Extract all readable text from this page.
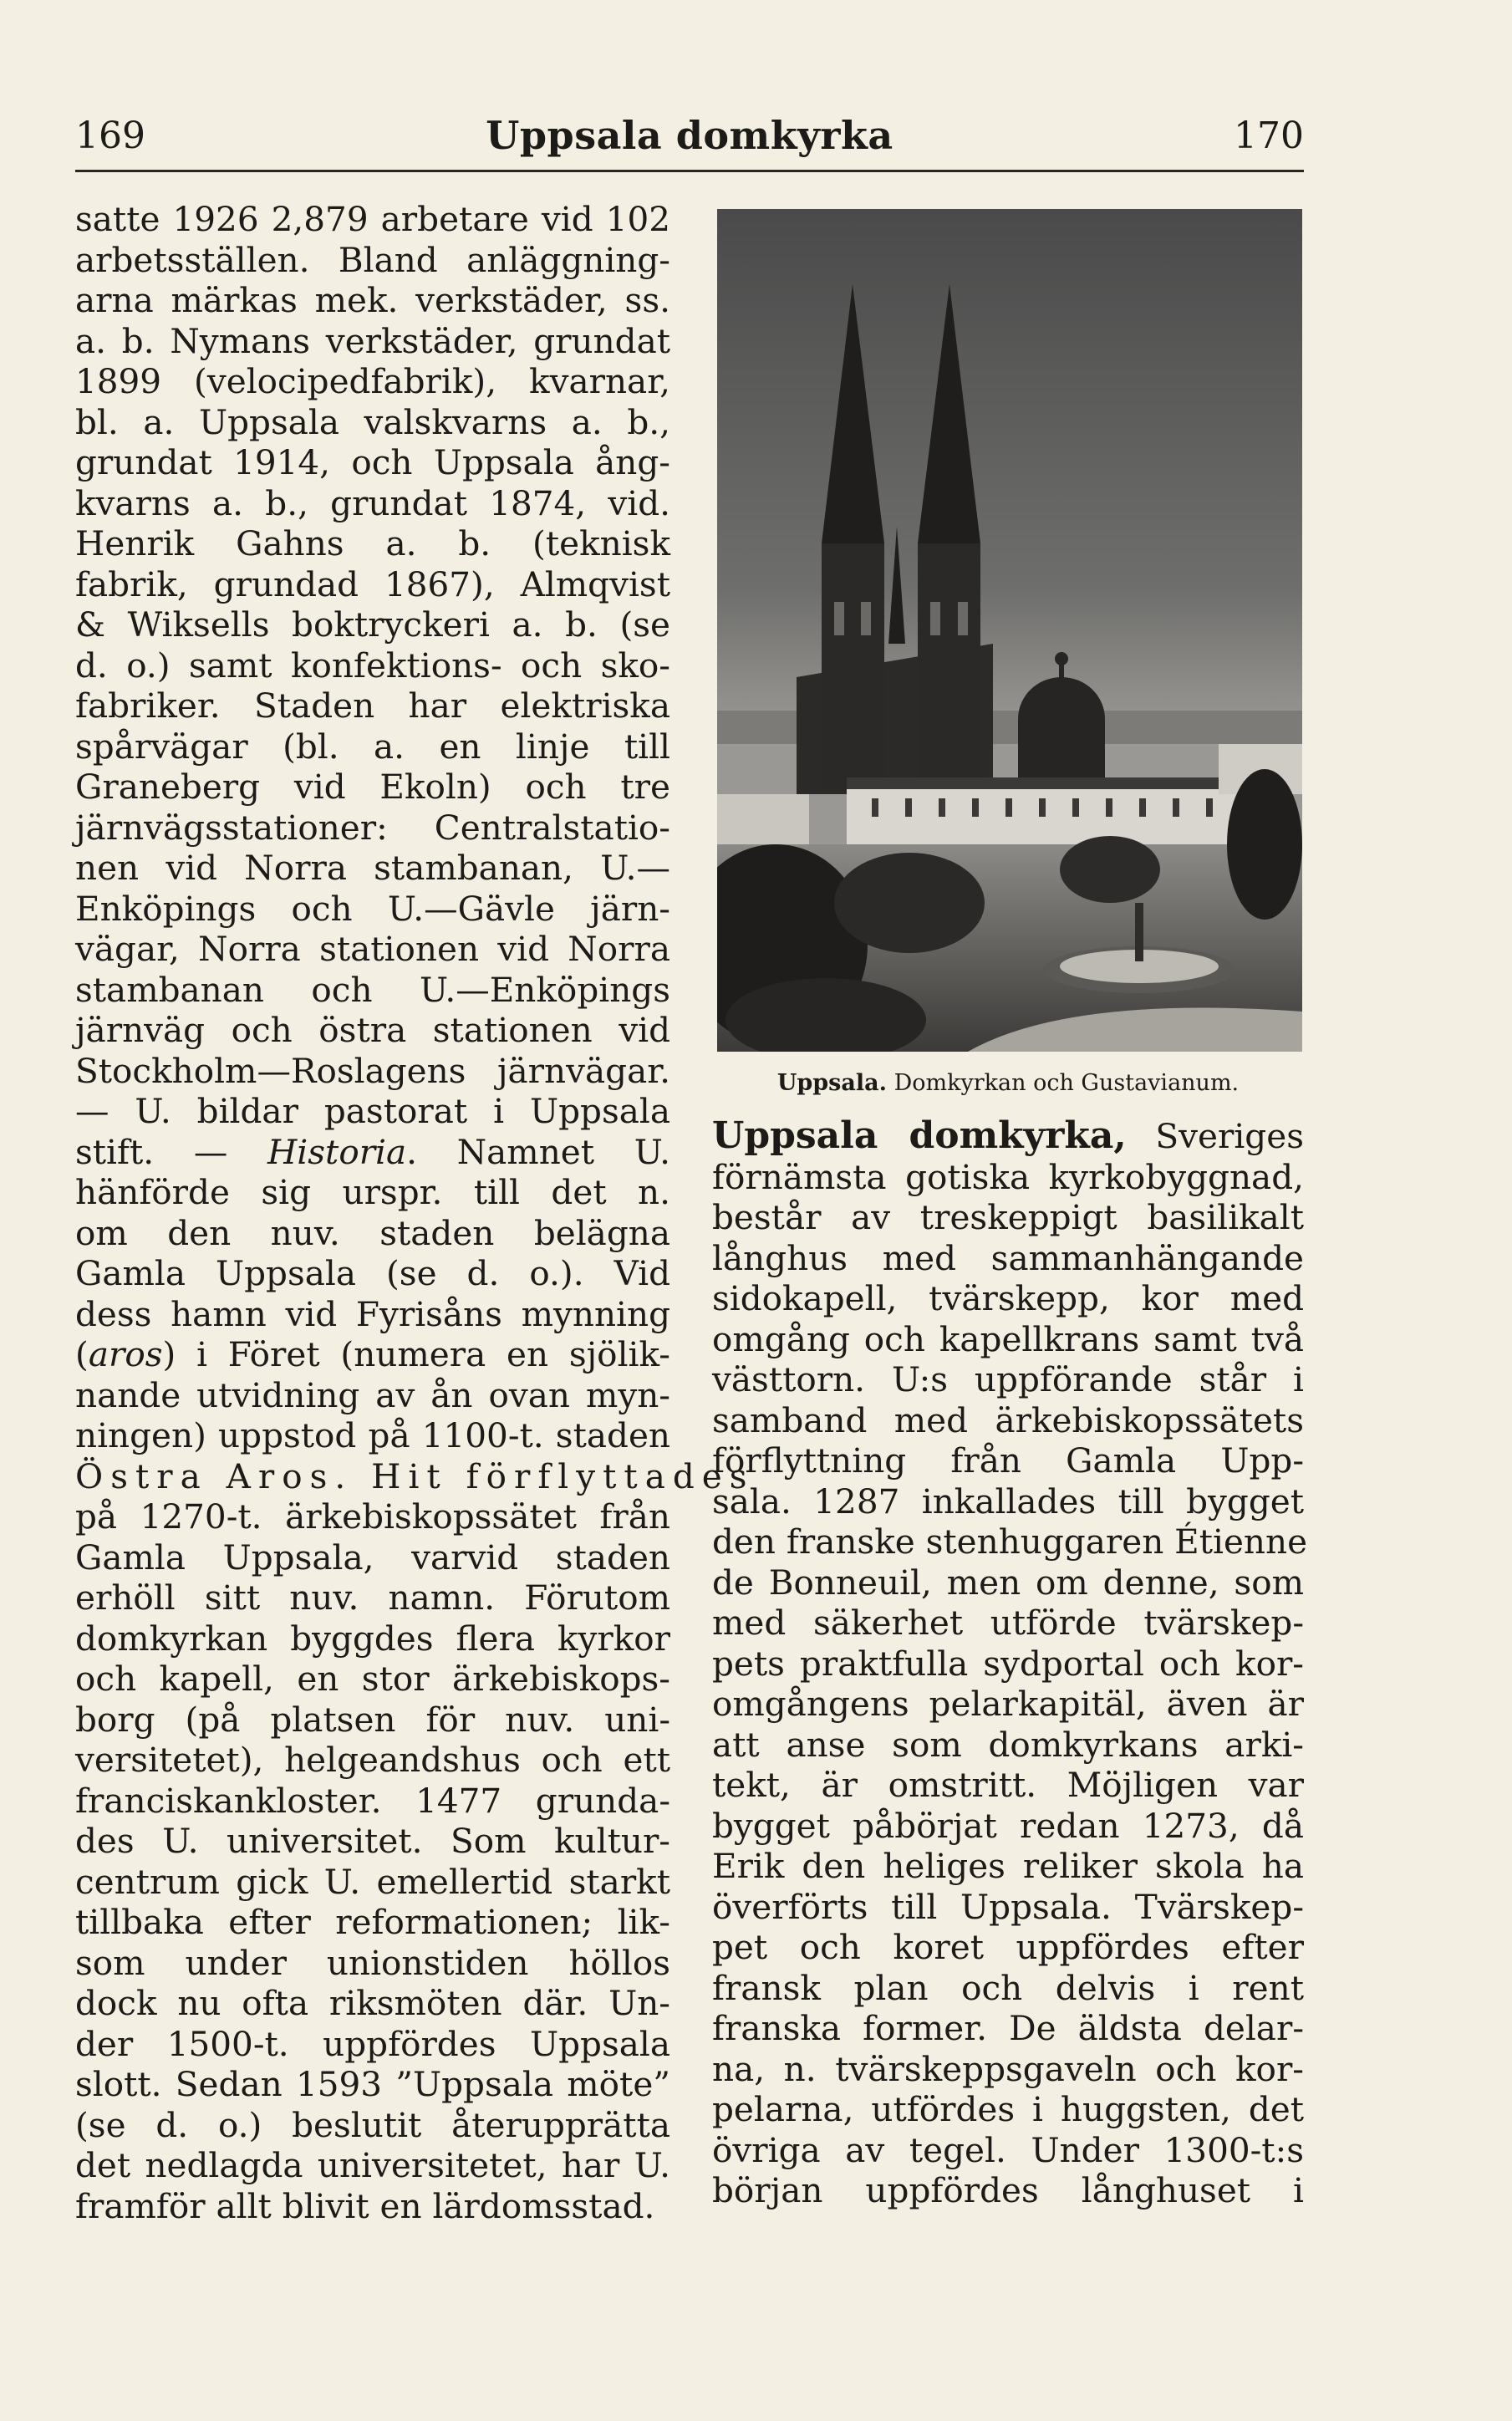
169	Uppsala domkyrka	170
satte 1926 2,879 arbetare vid 102
arbetsställen. Bland anläggning-
arna märkas mek. verkstäder, ss.
a. b. Nymans verkstäder, grundat
1899 (velocipedfabrik), kvarnar,
bl. a. Uppsala valskvarns a. b.,
grundat 1914, och Uppsala ång-
kvarns a. b., grundat 1874, vid.
Henrik Gahns a. b. (teknisk
fabrik, grundad 1867), Almqvist
& Wiksells boktryckeri a. b. (se
d. o.) samt konfektions- och sko-
fabriker. Staden har elektriska
spårvägar (bl. a. en linje till
Graneberg vid Ekoln) och tre
järnvägsstationer: Centralstatio-
nen vid Norra stambanan, U.—
Enköpings och U.—Gävle järn-
vägar, Norra stationen vid Norra
stambanan och U.—Enköpings
järnväg och östra stationen vid
Stockholm—Roslagens järnvägar.
— U. bildar pastorat i Uppsala
stift. — Historia. Namnet U.
hänförde sig urspr. till det n.
om den nuv. staden belägna
Gamla Uppsala (se d. o.). Vid
dess hamn vid Fyrisåns mynning
(aros) i Föret (numera en sjölik-
nande utvidning av ån ovan myn-
ningen) uppstod på 1100-t. staden
Östra Aros. Hit förflyttades
på 1270-t. ärkebiskopssätet från
Gamla Uppsala, varvid staden
erhöll sitt nuv. namn. Förutom
domkyrkan byggdes flera kyrkor
och kapell, en stor ärkebiskops-
borg (på platsen för nuv. uni-
versitetet), helgeandshus och ett
franciskankloster. 1477 grunda-
des U. universitet. Som kultur-
centrum gick U. emellertid starkt
tillbaka efter reformationen; lik-
som under unionstiden höllos
dock nu ofta riksmöten där. Un-
der 1500-t. uppfördes Uppsala
slott. Sedan 1593 ”Uppsala möte”
(se d. o.) beslutit återupprätta
det nedlagda universitetet, har U.
framför allt blivit en lärdomsstad.
Uppsala. Domkyrkan och Gustavianum.
Uppsala domkyrka, Sveriges
förnämsta gotiska kyrkobyggnad,
består av treskeppigt basilikalt
långhus med sammanhängande
sidokapell, tvärskepp, kor med
omgång och kapellkrans samt två
västtorn. U:s uppförande står i
samband med ärkebiskopssätets
förflyttning från Gamla Upp-
sala. 1287 inkallades till bygget
den franske stenhuggaren Étienne
de Bonneuil, men om denne, som
med säkerhet utförde tvärskep-
pets praktfulla sydportal och kor-
omgångens pelarkapitäl, även är
att anse som domkyrkans arki-
tekt, är omstritt. Möjligen var
bygget påbörjat redan 1273, då
Erik den heliges reliker skola ha
överförts till Uppsala. Tvärskep-
pet och koret uppfördes efter
fransk plan och delvis i rent
franska former. De äldsta delar-
na, n. tvärskeppsgaveln och kor-
pelarna, utfördes i huggsten, det
övriga av tegel. Under 1300-t:s
början uppfördes långhuset i
